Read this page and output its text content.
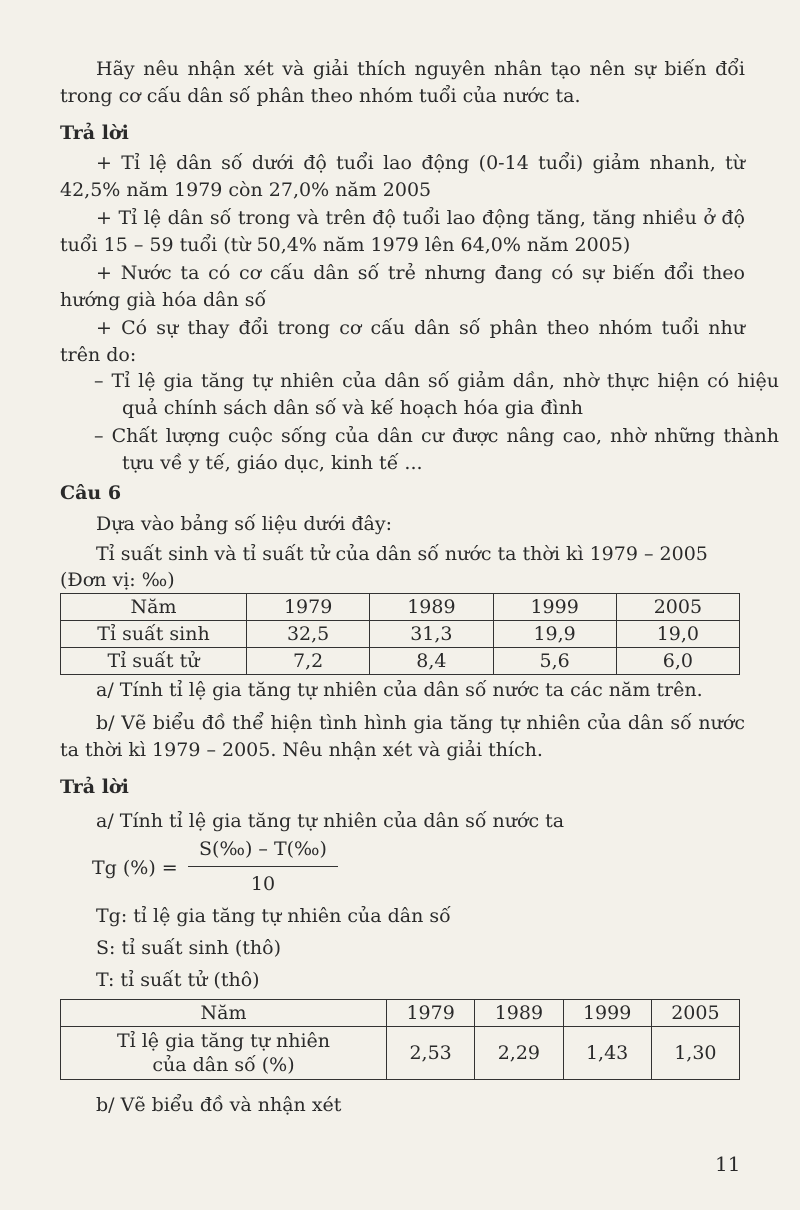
Hãy nêu nhận xét và giải thích nguyên nhân tạo nên sự biến đổi trong cơ cấu dân số phân theo nhóm tuổi của nước ta.

Trả lời

+ Tỉ lệ dân số dưới độ tuổi lao động (0-14 tuổi) giảm nhanh, từ 42,5% năm 1979 còn 27,0% năm 2005

+ Tỉ lệ dân số trong và trên độ tuổi lao động tăng, tăng nhiều ở độ tuổi 15 – 59 tuổi (từ 50,4% năm 1979 lên 64,0% năm 2005)

+ Nước ta có cơ cấu dân số trẻ nhưng đang có sự biến đổi theo hướng già hóa dân số

+ Có sự thay đổi trong cơ cấu dân số phân theo nhóm tuổi như trên do:

– Tỉ lệ gia tăng tự nhiên của dân số giảm dần, nhờ thực hiện có hiệu quả chính sách dân số và kế hoạch hóa gia đình

– Chất lượng cuộc sống của dân cư được nâng cao, nhờ những thành tựu về y tế, giáo dục, kinh tế ...

Câu 6

Dựa vào bảng số liệu dưới đây:

Tỉ suất sinh và tỉ suất tử của dân số nước ta thời kì 1979 – 2005

(Đơn vị: ‰)

Năm	1979	1989	1999	2005
Tỉ suất sinh	32,5	31,3	19,9	19,0
Tỉ suất tử	7,2	8,4	5,6	6,0

a/ Tính tỉ lệ gia tăng tự nhiên của dân số nước ta các năm trên.

b/ Vẽ biểu đồ thể hiện tình hình gia tăng tự nhiên của dân số nước ta thời kì 1979 – 2005. Nêu nhận xét và giải thích.

Trả lời

a/ Tính tỉ lệ gia tăng tự nhiên của dân số nước ta

Tg (%) = $\frac{S(‰) - T(‰)}{10}$

Tg: tỉ lệ gia tăng tự nhiên của dân số

S: tỉ suất sinh (thô)

T: tỉ suất tử (thô)

Năm	1979	1989	1999	2005

Tỉ lệ gia tăng tự nhiên
của dân số (%)	2,53	2,29	1,43	1,30

b/ Vẽ biểu đồ và nhận xét

11
